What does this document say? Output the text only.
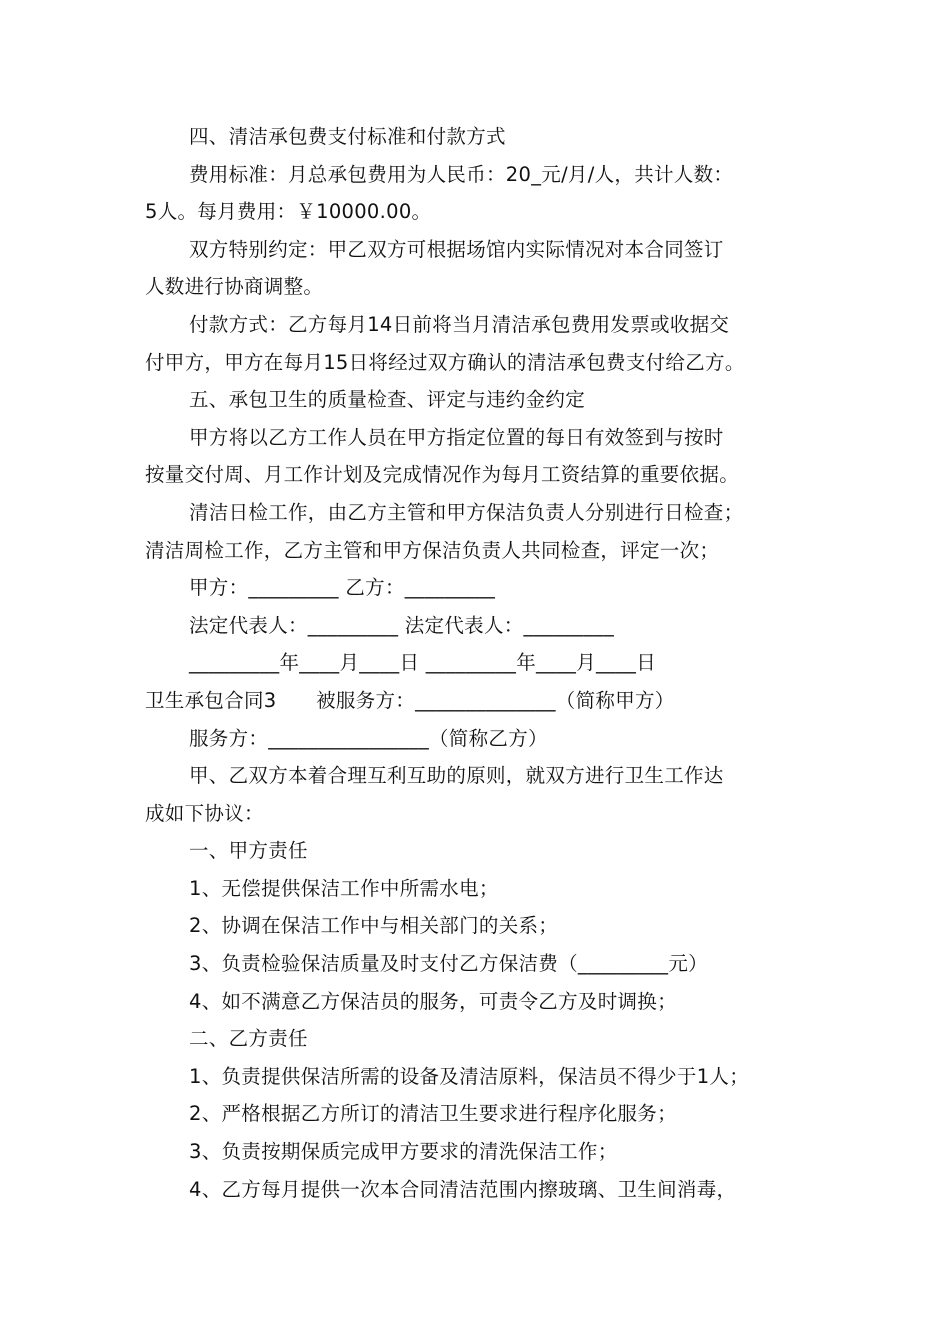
四、清洁承包费支付标准和付款方式

费用标准：月总承包费用为人民币：20_元/月/人，共计人数：

5人。每月费用：￥10000.00。

双方特别约定：甲乙双方可根据场馆内实际情况对本合同签订

人数进行协商调整。

付款方式：乙方每月14日前将当月清洁承包费用发票或收据交

付甲方，甲方在每月15日将经过双方确认的清洁承包费支付给乙方。

五、承包卫生的质量检查、评定与违约金约定

甲方将以乙方工作人员在甲方指定位置的每日有效签到与按时

按量交付周、月工作计划及完成情况作为每月工资结算的重要依据。

清洁日检工作，由乙方主管和甲方保洁负责人分别进行日检查；

清洁周检工作，乙方主管和甲方保洁负责人共同检查，评定一次；

甲方：_________ 乙方：_________

法定代表人：_________ 法定代表人：_________

_________年____月____日 _________年____月____日

卫生承包合同3　　被服务方：______________（简称甲方）

服务方：________________（简称乙方）

甲、乙双方本着合理互利互助的原则，就双方进行卫生工作达

成如下协议：

一、甲方责任

1、无偿提供保洁工作中所需水电；

2、协调在保洁工作中与相关部门的关系；

3、负责检验保洁质量及时支付乙方保洁费（_________元）

4、如不满意乙方保洁员的服务，可责令乙方及时调换；

二、乙方责任

1、负责提供保洁所需的设备及清洁原料，保洁员不得少于1人；

2、严格根据乙方所订的清洁卫生要求进行程序化服务；

3、负责按期保质完成甲方要求的清洗保洁工作；

4、乙方每月提供一次本合同清洁范围内擦玻璃、卫生间消毒，
